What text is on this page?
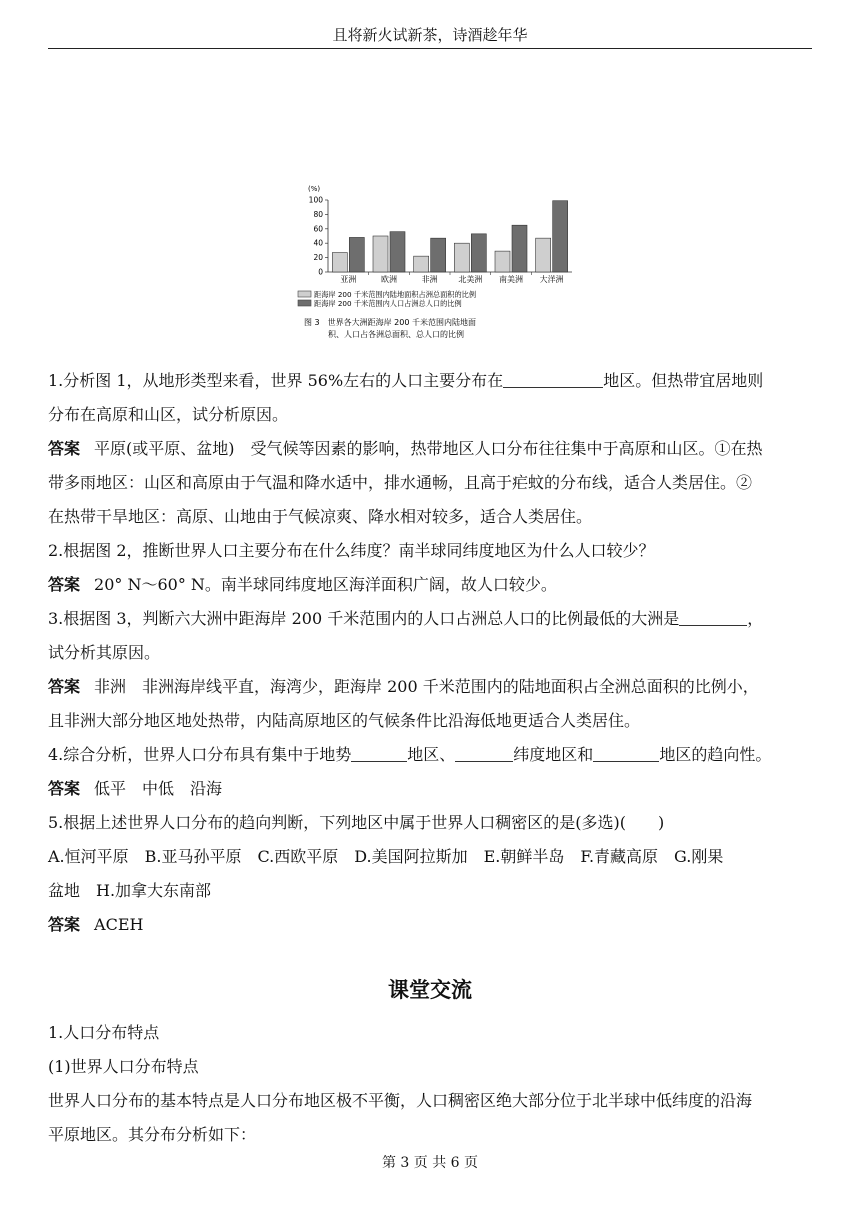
且将新火试新茶，诗酒趁年华
(%)
0
20
40
60
80
100
亚洲	欧洲	非洲	北美洲 南美洲 大洋洲
距海岸 200 千米范围内陆地面积占洲总面积的比例
距海岸 200 千米范围内人口占洲总人口的比例
图 3　世界各大洲距海岸 200 千米范围内陆地面
积、人口占各洲总面积、总人口的比例
1.分析图 1，从地形类型来看，世界 56%左右的人口主要分布在	地区。但热带宜居地则
分布在高原和山区，试分析原因。
答案 平原(或平原、盆地)　受气候等因素的影响，热带地区人口分布往往集中于高原和山区。①在热
带多雨地区：山区和高原由于气温和降水适中，排水通畅，且高于疟蚊的分布线，适合人类居住。②
在热带干旱地区：高原、山地由于气候凉爽、降水相对较多，适合人类居住。
2.根据图 2，推断世界人口主要分布在什么纬度？南半球同纬度地区为什么人口较少？
答案 20° N～60° N。南半球同纬度地区海洋面积广阔，故人口较少。
3.根据图 3，判断六大洲中距海岸 200 千米范围内的人口占洲总人口的比例最低的大洲是	，
试分析其原因。
答案 非洲　非洲海岸线平直，海湾少，距海岸 200 千米范围内的陆地面积占全洲总面积的比例小，
且非洲大部分地区地处热带，内陆高原地区的气候条件比沿海低地更适合人类居住。
4.综合分析，世界人口分布具有集中于地势	地区、	纬度地区和	地区的趋向性。
答案 低平　中低　沿海
5.根据上述世界人口分布的趋向判断，下列地区中属于世界人口稠密区的是(多选)(　　)
A.恒河平原　B.亚马孙平原　C.西欧平原　D.美国阿拉斯加　E.朝鲜半岛　F.青藏高原　G.刚果
盆地　H.加拿大东南部
答案 ACEH
课堂交流
1.人口分布特点
(1)世界人口分布特点
世界人口分布的基本特点是人口分布地区极不平衡，人口稠密区绝大部分位于北半球中低纬度的沿海
平原地区。其分布分析如下：
第 3 页 共 6 页
